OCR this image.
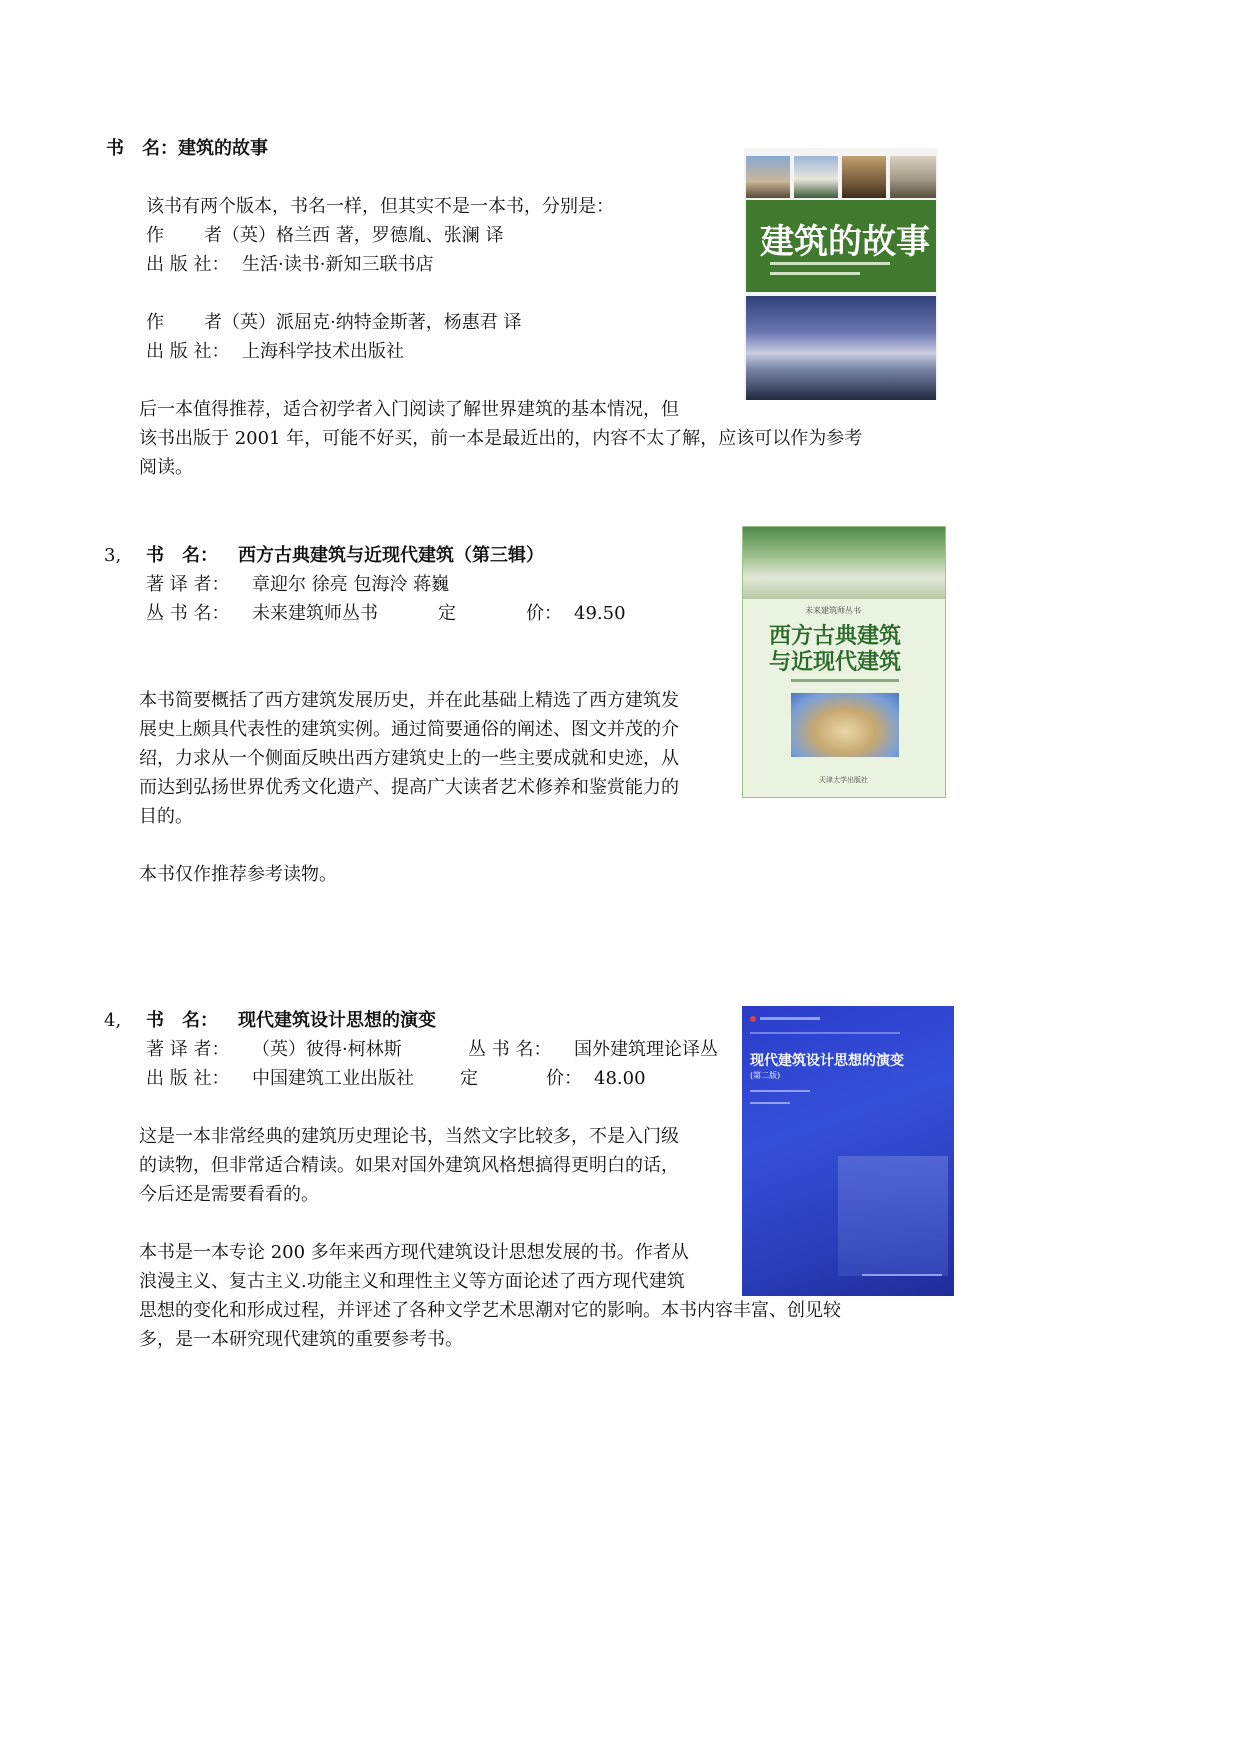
书　名：建筑的故事
该书有两个版本，书名一样，但其实不是一本书，分别是：
作 者（英）格兰西 著，罗德胤、张澜 译
出 版 社： 生活·读书·新知三联书店
作 者（英）派屈克·纳特金斯著，杨惠君 译
出 版 社： 上海科学技术出版社
后一本值得推荐，适合初学者入门阅读了解世界建筑的基本情况，但
该书出版于 2001 年，可能不好买，前一本是最近出的，内容不太了解，应该可以作为参考
阅读。
建筑的故事
3, 书　名： 西方古典建筑与近现代建筑（第三辑）
著 译 者： 章迎尔 徐亮 包海泠 蒋巍
丛 书 名： 未来建筑师丛书	定	价： 49.50
本书简要概括了西方建筑发展历史，并在此基础上精选了西方建筑发
展史上颇具代表性的建筑实例。通过简要通俗的阐述、图文并茂的介
绍，力求从一个侧面反映出西方建筑史上的一些主要成就和史迹，从
而达到弘扬世界优秀文化遗产、提高广大读者艺术修养和鉴赏能力的
目的。
本书仅作推荐参考读物。
未来建筑师丛书
西方古典建筑
与近现代建筑
天津大学出版社
4, 书　名： 现代建筑设计思想的演变
著 译 者： （英）彼得·柯林斯	丛 书 名： 国外建筑理论译丛
出 版 社： 中国建筑工业出版社	定	价： 48.00
这是一本非常经典的建筑历史理论书，当然文字比较多，不是入门级
的读物，但非常适合精读。如果对国外建筑风格想搞得更明白的话，
今后还是需要看看的。
本书是一本专论 200 多年来西方现代建筑设计思想发展的书。作者从
浪漫主义、复古主义.功能主义和理性主义等方面论述了西方现代建筑
思想的变化和形成过程，并评述了各种文学艺术思潮对它的影响。本书内容丰富、创见较
多，是一本研究现代建筑的重要参考书。
现代建筑设计思想的演变
(第二版)
